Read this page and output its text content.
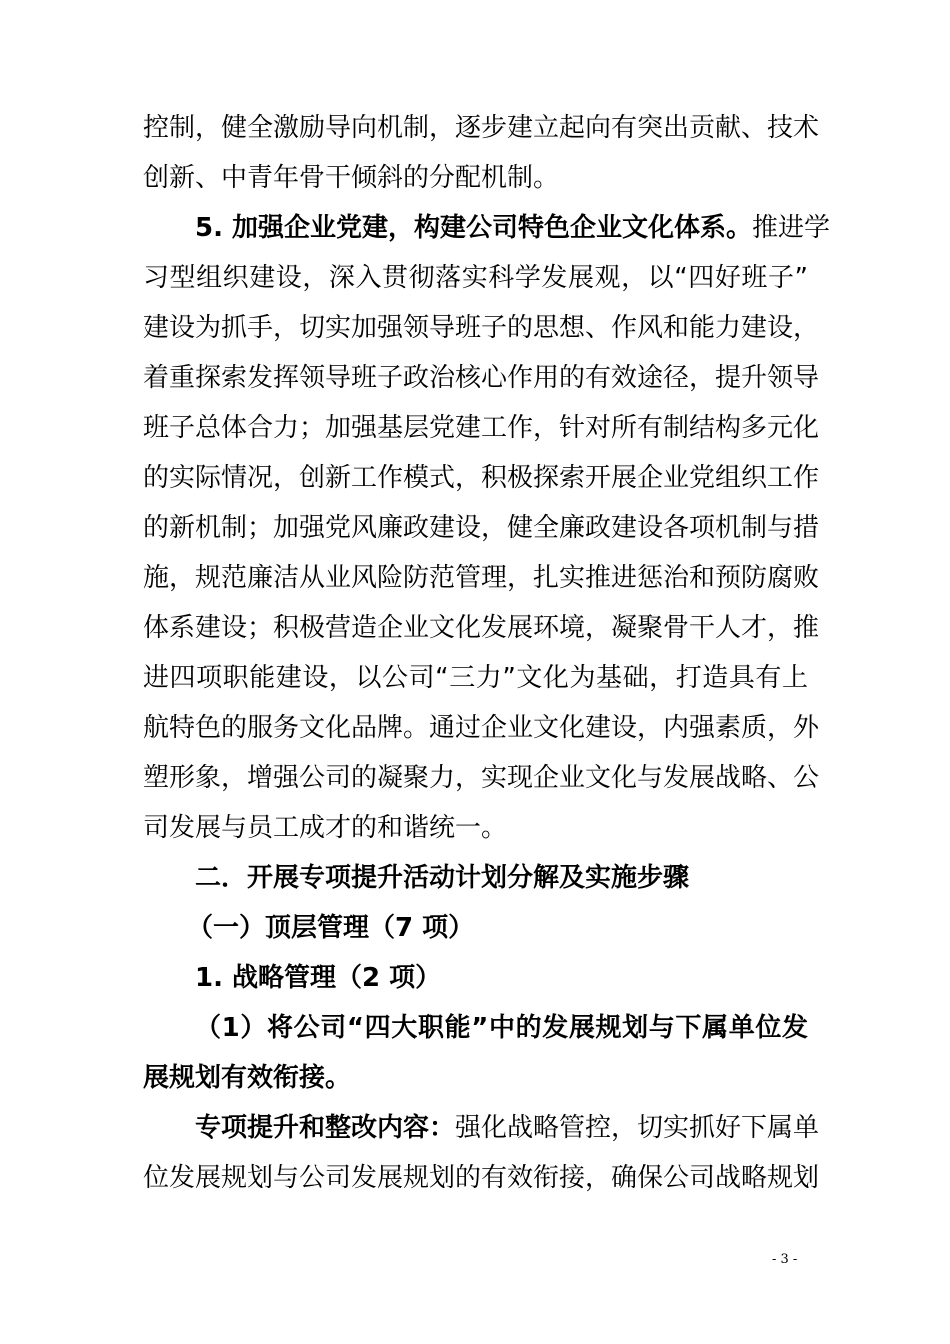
控制，健全激励导向机制，逐步建立起向有突出贡献、技术
创新、中青年骨干倾斜的分配机制。
5. 加强企业党建，构建公司特色企业文化体系。推进学
习型组织建设，深入贯彻落实科学发展观，以“四好班子”
建设为抓手，切实加强领导班子的思想、作风和能力建设，
着重探索发挥领导班子政治核心作用的有效途径，提升领导
班子总体合力；加强基层党建工作，针对所有制结构多元化
的实际情况，创新工作模式，积极探索开展企业党组织工作
的新机制；加强党风廉政建设，健全廉政建设各项机制与措
施，规范廉洁从业风险防范管理，扎实推进惩治和预防腐败
体系建设；积极营造企业文化发展环境，凝聚骨干人才，推
进四项职能建设，以公司“三力”文化为基础，打造具有上
航特色的服务文化品牌。通过企业文化建设，内强素质，外
塑形象，增强公司的凝聚力，实现企业文化与发展战略、公
司发展与员工成才的和谐统一。
二．开展专项提升活动计划分解及实施步骤
（一）顶层管理（7 项）
1. 战略管理（2 项）
（1）将公司“四大职能”中的发展规划与下属单位发
展规划有效衔接。
专项提升和整改内容：强化战略管控，切实抓好下属单
位发展规划与公司发展规划的有效衔接，确保公司战略规划
- 3 -
